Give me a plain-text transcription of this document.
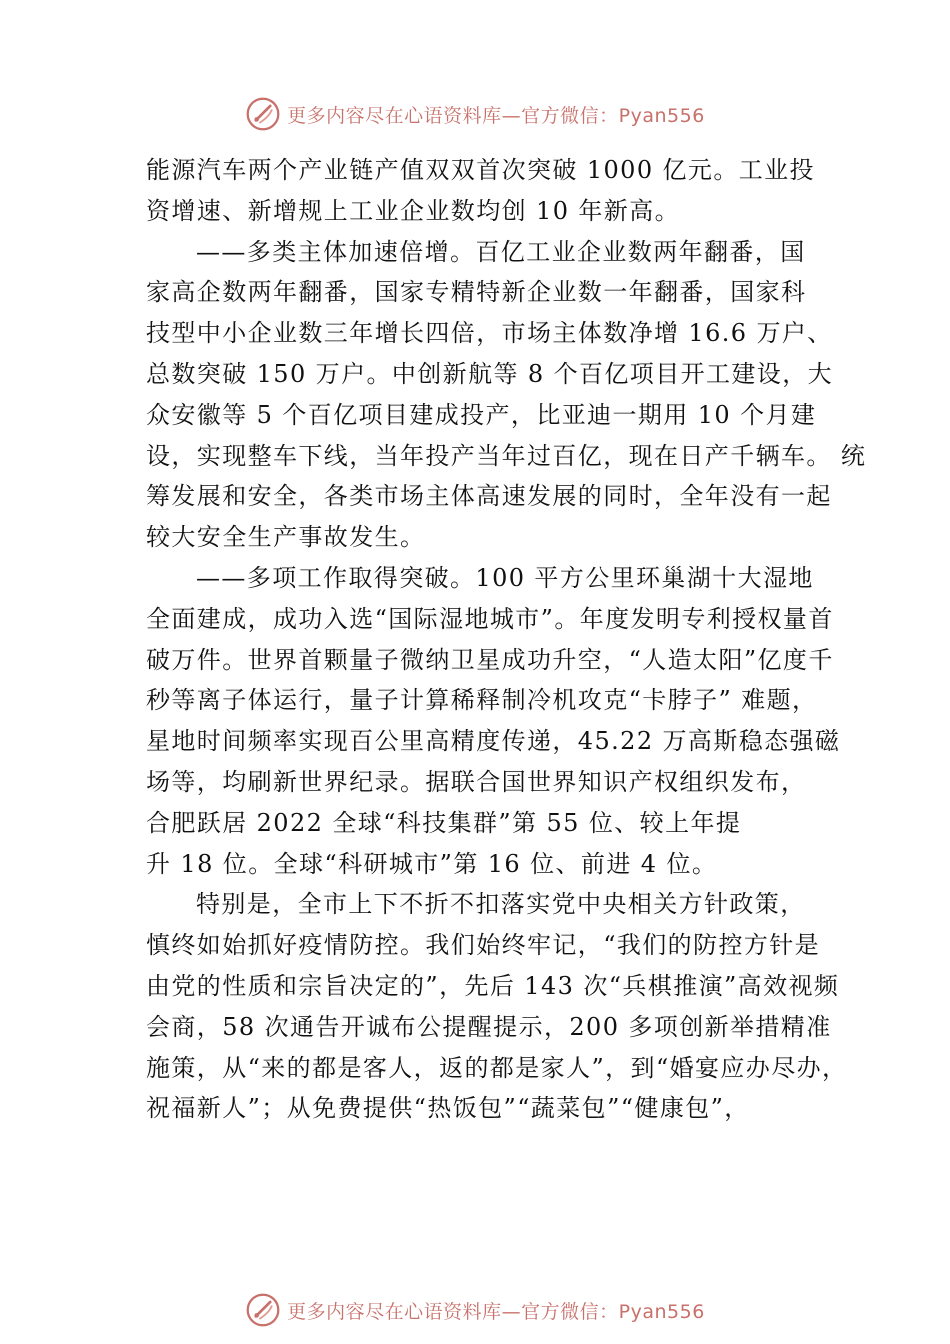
更多内容尽在心语资料库—官方微信：Pyan556
能源汽车两个产业链产值双双首次突破 1000 亿元。工业投
资增速、新增规上工业企业数均创 10 年新高。
——多类主体加速倍增。百亿工业企业数两年翻番，国
家高企数两年翻番，国家专精特新企业数一年翻番，国家科
技型中小企业数三年增长四倍，市场主体数净增 16.6 万户、
总数突破 150 万户。中创新航等 8 个百亿项目开工建设，大
众安徽等 5 个百亿项目建成投产，比亚迪一期用 10 个月建
设，实现整车下线，当年投产当年过百亿，现在日产千辆车。 统
筹发展和安全，各类市场主体高速发展的同时，全年没有一起
较大安全生产事故发生。
——多项工作取得突破。100 平方公里环巢湖十大湿地
全面建成，成功入选“国际湿地城市”。年度发明专利授权量首
破万件。世界首颗量子微纳卫星成功升空，“人造太阳”亿度千
秒等离子体运行，量子计算稀释制冷机攻克“卡脖子” 难题，
星地时间频率实现百公里高精度传递，45.22 万高斯稳态强磁
场等，均刷新世界纪录。据联合国世界知识产权组织发布，
合肥跃居 2022 全球“科技集群”第 55 位、较上年提
升 18 位。全球“科研城市”第 16 位、前进 4 位。
特别是，全市上下不折不扣落实党中央相关方针政策，
慎终如始抓好疫情防控。我们始终牢记，“我们的防控方针是
由党的性质和宗旨决定的”，先后 143 次“兵棋推演”高效视频
会商，58 次通告开诚布公提醒提示，200 多项创新举措精准
施策，从“来的都是客人，返的都是家人”，到“婚宴应办尽办，
祝福新人”；从免费提供“热饭包”“蔬菜包”“健康包”，
更多内容尽在心语资料库—官方微信：Pyan556
